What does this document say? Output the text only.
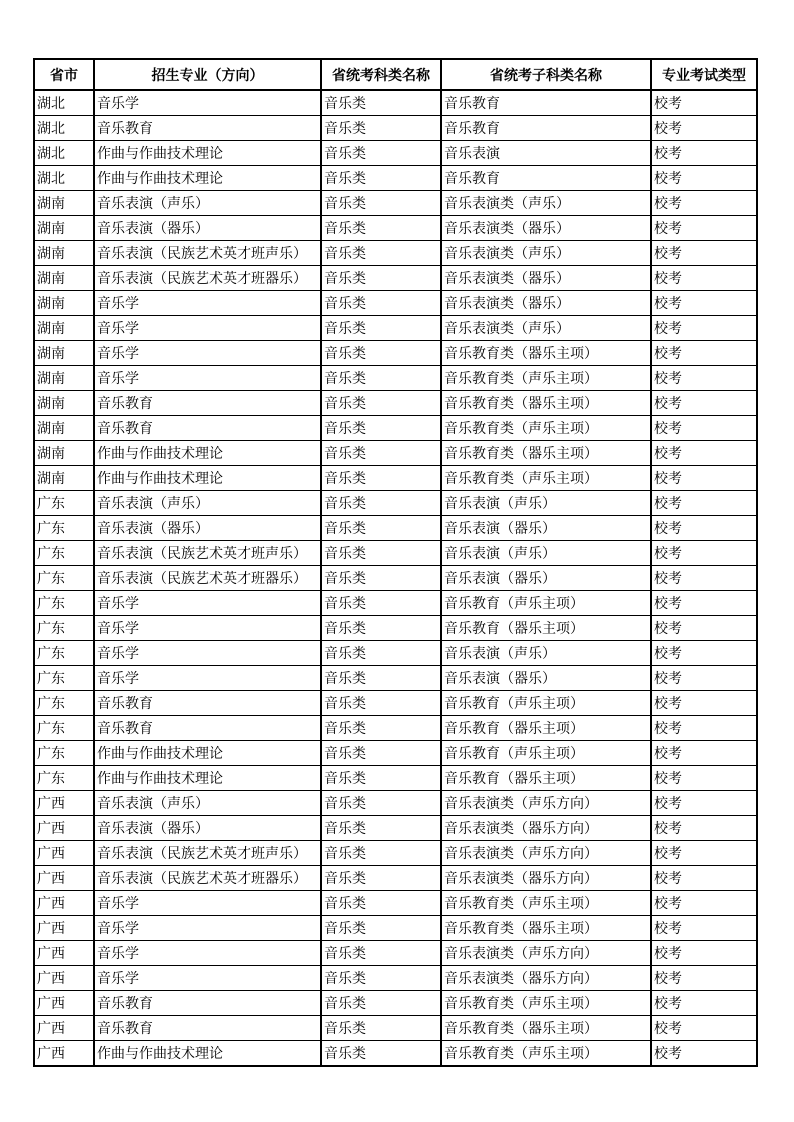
省市	招生专业（方向）	省统考科类名称	省统考子科类名称	专业考试类型
湖北	音乐学	音乐类	音乐教育	校考
湖北	音乐教育	音乐类	音乐教育	校考
湖北	作曲与作曲技术理论	音乐类	音乐表演	校考
湖北	作曲与作曲技术理论	音乐类	音乐教育	校考
湖南	音乐表演（声乐）	音乐类	音乐表演类（声乐）	校考
湖南	音乐表演（器乐）	音乐类	音乐表演类（器乐）	校考
湖南	音乐表演（民族艺术英才班声乐）	音乐类	音乐表演类（声乐）	校考
湖南	音乐表演（民族艺术英才班器乐）	音乐类	音乐表演类（器乐）	校考
湖南	音乐学	音乐类	音乐表演类（器乐）	校考
湖南	音乐学	音乐类	音乐表演类（声乐）	校考
湖南	音乐学	音乐类	音乐教育类（器乐主项）	校考
湖南	音乐学	音乐类	音乐教育类（声乐主项）	校考
湖南	音乐教育	音乐类	音乐教育类（器乐主项）	校考
湖南	音乐教育	音乐类	音乐教育类（声乐主项）	校考
湖南	作曲与作曲技术理论	音乐类	音乐教育类（器乐主项）	校考
湖南	作曲与作曲技术理论	音乐类	音乐教育类（声乐主项）	校考
广东	音乐表演（声乐）	音乐类	音乐表演（声乐）	校考
广东	音乐表演（器乐）	音乐类	音乐表演（器乐）	校考
广东	音乐表演（民族艺术英才班声乐）	音乐类	音乐表演（声乐）	校考
广东	音乐表演（民族艺术英才班器乐）	音乐类	音乐表演（器乐）	校考
广东	音乐学	音乐类	音乐教育（声乐主项）	校考
广东	音乐学	音乐类	音乐教育（器乐主项）	校考
广东	音乐学	音乐类	音乐表演（声乐）	校考
广东	音乐学	音乐类	音乐表演（器乐）	校考
广东	音乐教育	音乐类	音乐教育（声乐主项）	校考
广东	音乐教育	音乐类	音乐教育（器乐主项）	校考
广东	作曲与作曲技术理论	音乐类	音乐教育（声乐主项）	校考
广东	作曲与作曲技术理论	音乐类	音乐教育（器乐主项）	校考
广西	音乐表演（声乐）	音乐类	音乐表演类（声乐方向）	校考
广西	音乐表演（器乐）	音乐类	音乐表演类（器乐方向）	校考
广西	音乐表演（民族艺术英才班声乐）	音乐类	音乐表演类（声乐方向）	校考
广西	音乐表演（民族艺术英才班器乐）	音乐类	音乐表演类（器乐方向）	校考
广西	音乐学	音乐类	音乐教育类（声乐主项）	校考
广西	音乐学	音乐类	音乐教育类（器乐主项）	校考
广西	音乐学	音乐类	音乐表演类（声乐方向）	校考
广西	音乐学	音乐类	音乐表演类（器乐方向）	校考
广西	音乐教育	音乐类	音乐教育类（声乐主项）	校考
广西	音乐教育	音乐类	音乐教育类（器乐主项）	校考
广西	作曲与作曲技术理论	音乐类	音乐教育类（声乐主项）	校考
